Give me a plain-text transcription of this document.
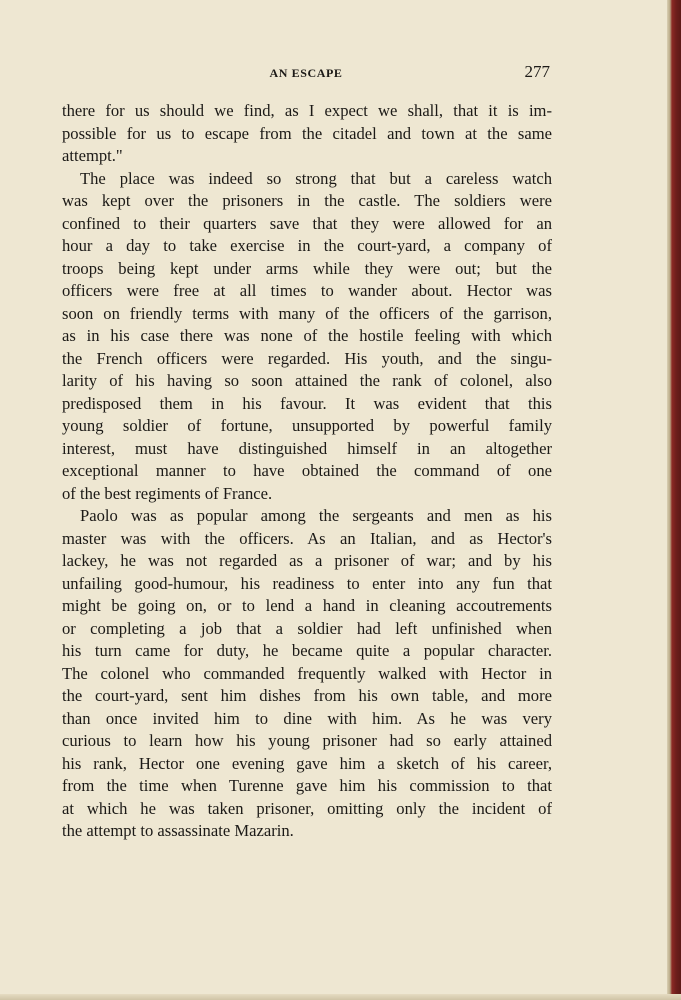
AN ESCAPE	277
there for us should we find, as I expect we shall, that it is im-
possible for us to escape from the citadel and town at the same
attempt."
The place was indeed so strong that but a careless watch
was kept over the prisoners in the castle. The soldiers were
confined to their quarters save that they were allowed for an
hour a day to take exercise in the court-yard, a company of
troops being kept under arms while they were out; but the
officers were free at all times to wander about. Hector was
soon on friendly terms with many of the officers of the garrison,
as in his case there was none of the hostile feeling with which
the French officers were regarded. His youth, and the singu-
larity of his having so soon attained the rank of colonel, also
predisposed them in his favour. It was evident that this
young soldier of fortune, unsupported by powerful family
interest, must have distinguished himself in an altogether
exceptional manner to have obtained the command of one
of the best regiments of France.
Paolo was as popular among the sergeants and men as his
master was with the officers. As an Italian, and as Hector's
lackey, he was not regarded as a prisoner of war; and by his
unfailing good-humour, his readiness to enter into any fun that
might be going on, or to lend a hand in cleaning accoutrements
or completing a job that a soldier had left unfinished when
his turn came for duty, he became quite a popular character.
The colonel who commanded frequently walked with Hector in
the court-yard, sent him dishes from his own table, and more
than once invited him to dine with him. As he was very
curious to learn how his young prisoner had so early attained
his rank, Hector one evening gave him a sketch of his career,
from the time when Turenne gave him his commission to that
at which he was taken prisoner, omitting only the incident of
the attempt to assassinate Mazarin.
